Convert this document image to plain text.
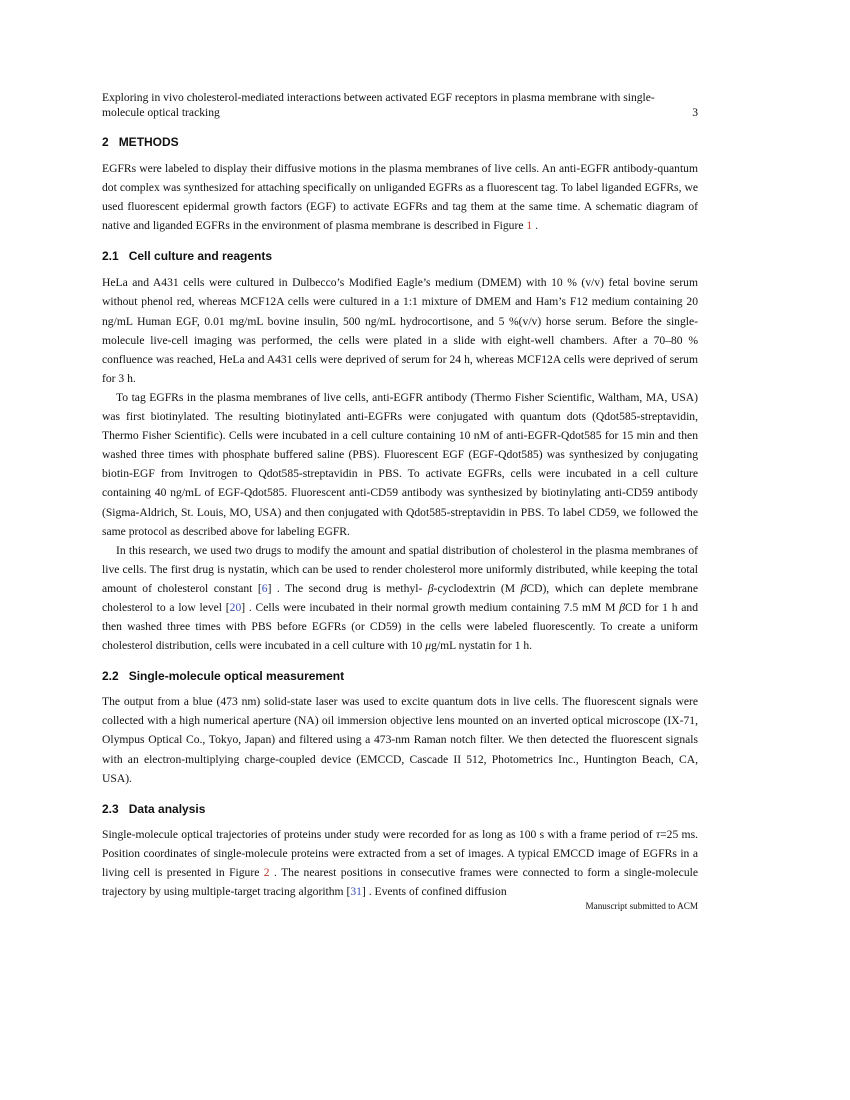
Exploring in vivo cholesterol-mediated interactions between activated EGF receptors in plasma membrane with single-molecule optical tracking	3
2 METHODS

EGFRs were labeled to display their diffusive motions in the plasma membranes of live cells. An anti-EGFR antibody-quantum dot complex was synthesized for attaching specifically on unliganded EGFRs as a fluorescent tag. To label liganded EGFRs, we used fluorescent epidermal growth factors (EGF) to activate EGFRs and tag them at the same time. A schematic diagram of native and liganded EGFRs in the environment of plasma membrane is described in Figure 1 .

2.1 Cell culture and reagents

HeLa and A431 cells were cultured in Dulbecco’s Modified Eagle’s medium (DMEM) with 10 % (v/v) fetal bovine serum without phenol red, whereas MCF12A cells were cultured in a 1:1 mixture of DMEM and Ham’s F12 medium containing 20 ng/mL Human EGF, 0.01 mg/mL bovine insulin, 500 ng/mL hydrocortisone, and 5 %(v/v) horse serum. Before the single-molecule live-cell imaging was performed, the cells were plated in a slide with eight-well chambers. After a 70–80 % confluence was reached, HeLa and A431 cells were deprived of serum for 24 h, whereas MCF12A cells were deprived of serum for 3 h.

To tag EGFRs in the plasma membranes of live cells, anti-EGFR antibody (Thermo Fisher Scientific, Waltham, MA, USA) was first biotinylated. The resulting biotinylated anti-EGFRs were conjugated with quantum dots (Qdot585-streptavidin, Thermo Fisher Scientific). Cells were incubated in a cell culture containing 10 nM of anti-EGFR-Qdot585 for 15 min and then washed three times with phosphate buffered saline (PBS). Fluorescent EGF (EGF-Qdot585) was synthesized by conjugating biotin-EGF from Invitrogen to Qdot585-streptavidin in PBS. To activate EGFRs, cells were incubated in a cell culture containing 40 ng/mL of EGF-Qdot585. Fluorescent anti-CD59 antibody was synthesized by biotinylating anti-CD59 antibody (Sigma-Aldrich, St. Louis, MO, USA) and then conjugated with Qdot585-streptavidin in PBS. To label CD59, we followed the same protocol as described above for labeling EGFR.

In this research, we used two drugs to modify the amount and spatial distribution of cholesterol in the plasma membranes of live cells. The first drug is nystatin, which can be used to render cholesterol more uniformly distributed, while keeping the total amount of cholesterol constant [6] . The second drug is methyl- β-cyclodextrin (M βCD), which can deplete membrane cholesterol to a low level [20] . Cells were incubated in their normal growth medium containing 7.5 mM M βCD for 1 h and then washed three times with PBS before EGFRs (or CD59) in the cells were labeled fluorescently. To create a uniform cholesterol distribution, cells were incubated in a cell culture with 10 μg/mL nystatin for 1 h.

2.2 Single-molecule optical measurement

The output from a blue (473 nm) solid-state laser was used to excite quantum dots in live cells. The fluorescent signals were collected with a high numerical aperture (NA) oil immersion objective lens mounted on an inverted optical microscope (IX-71, Olympus Optical Co., Tokyo, Japan) and filtered using a 473-nm Raman notch filter. We then detected the fluorescent signals with an electron-multiplying charge-coupled device (EMCCD, Cascade II 512, Photometrics Inc., Huntington Beach, CA, USA).

2.3 Data analysis

Single-molecule optical trajectories of proteins under study were recorded for as long as 100 s with a frame period of τ=25 ms. Position coordinates of single-molecule proteins were extracted from a set of images. A typical EMCCD image of EGFRs in a living cell is presented in Figure 2 . The nearest positions in consecutive frames were connected to form a single-molecule trajectory by using multiple-target tracing algorithm [31] . Events of confined diffusion

Manuscript submitted to ACM
